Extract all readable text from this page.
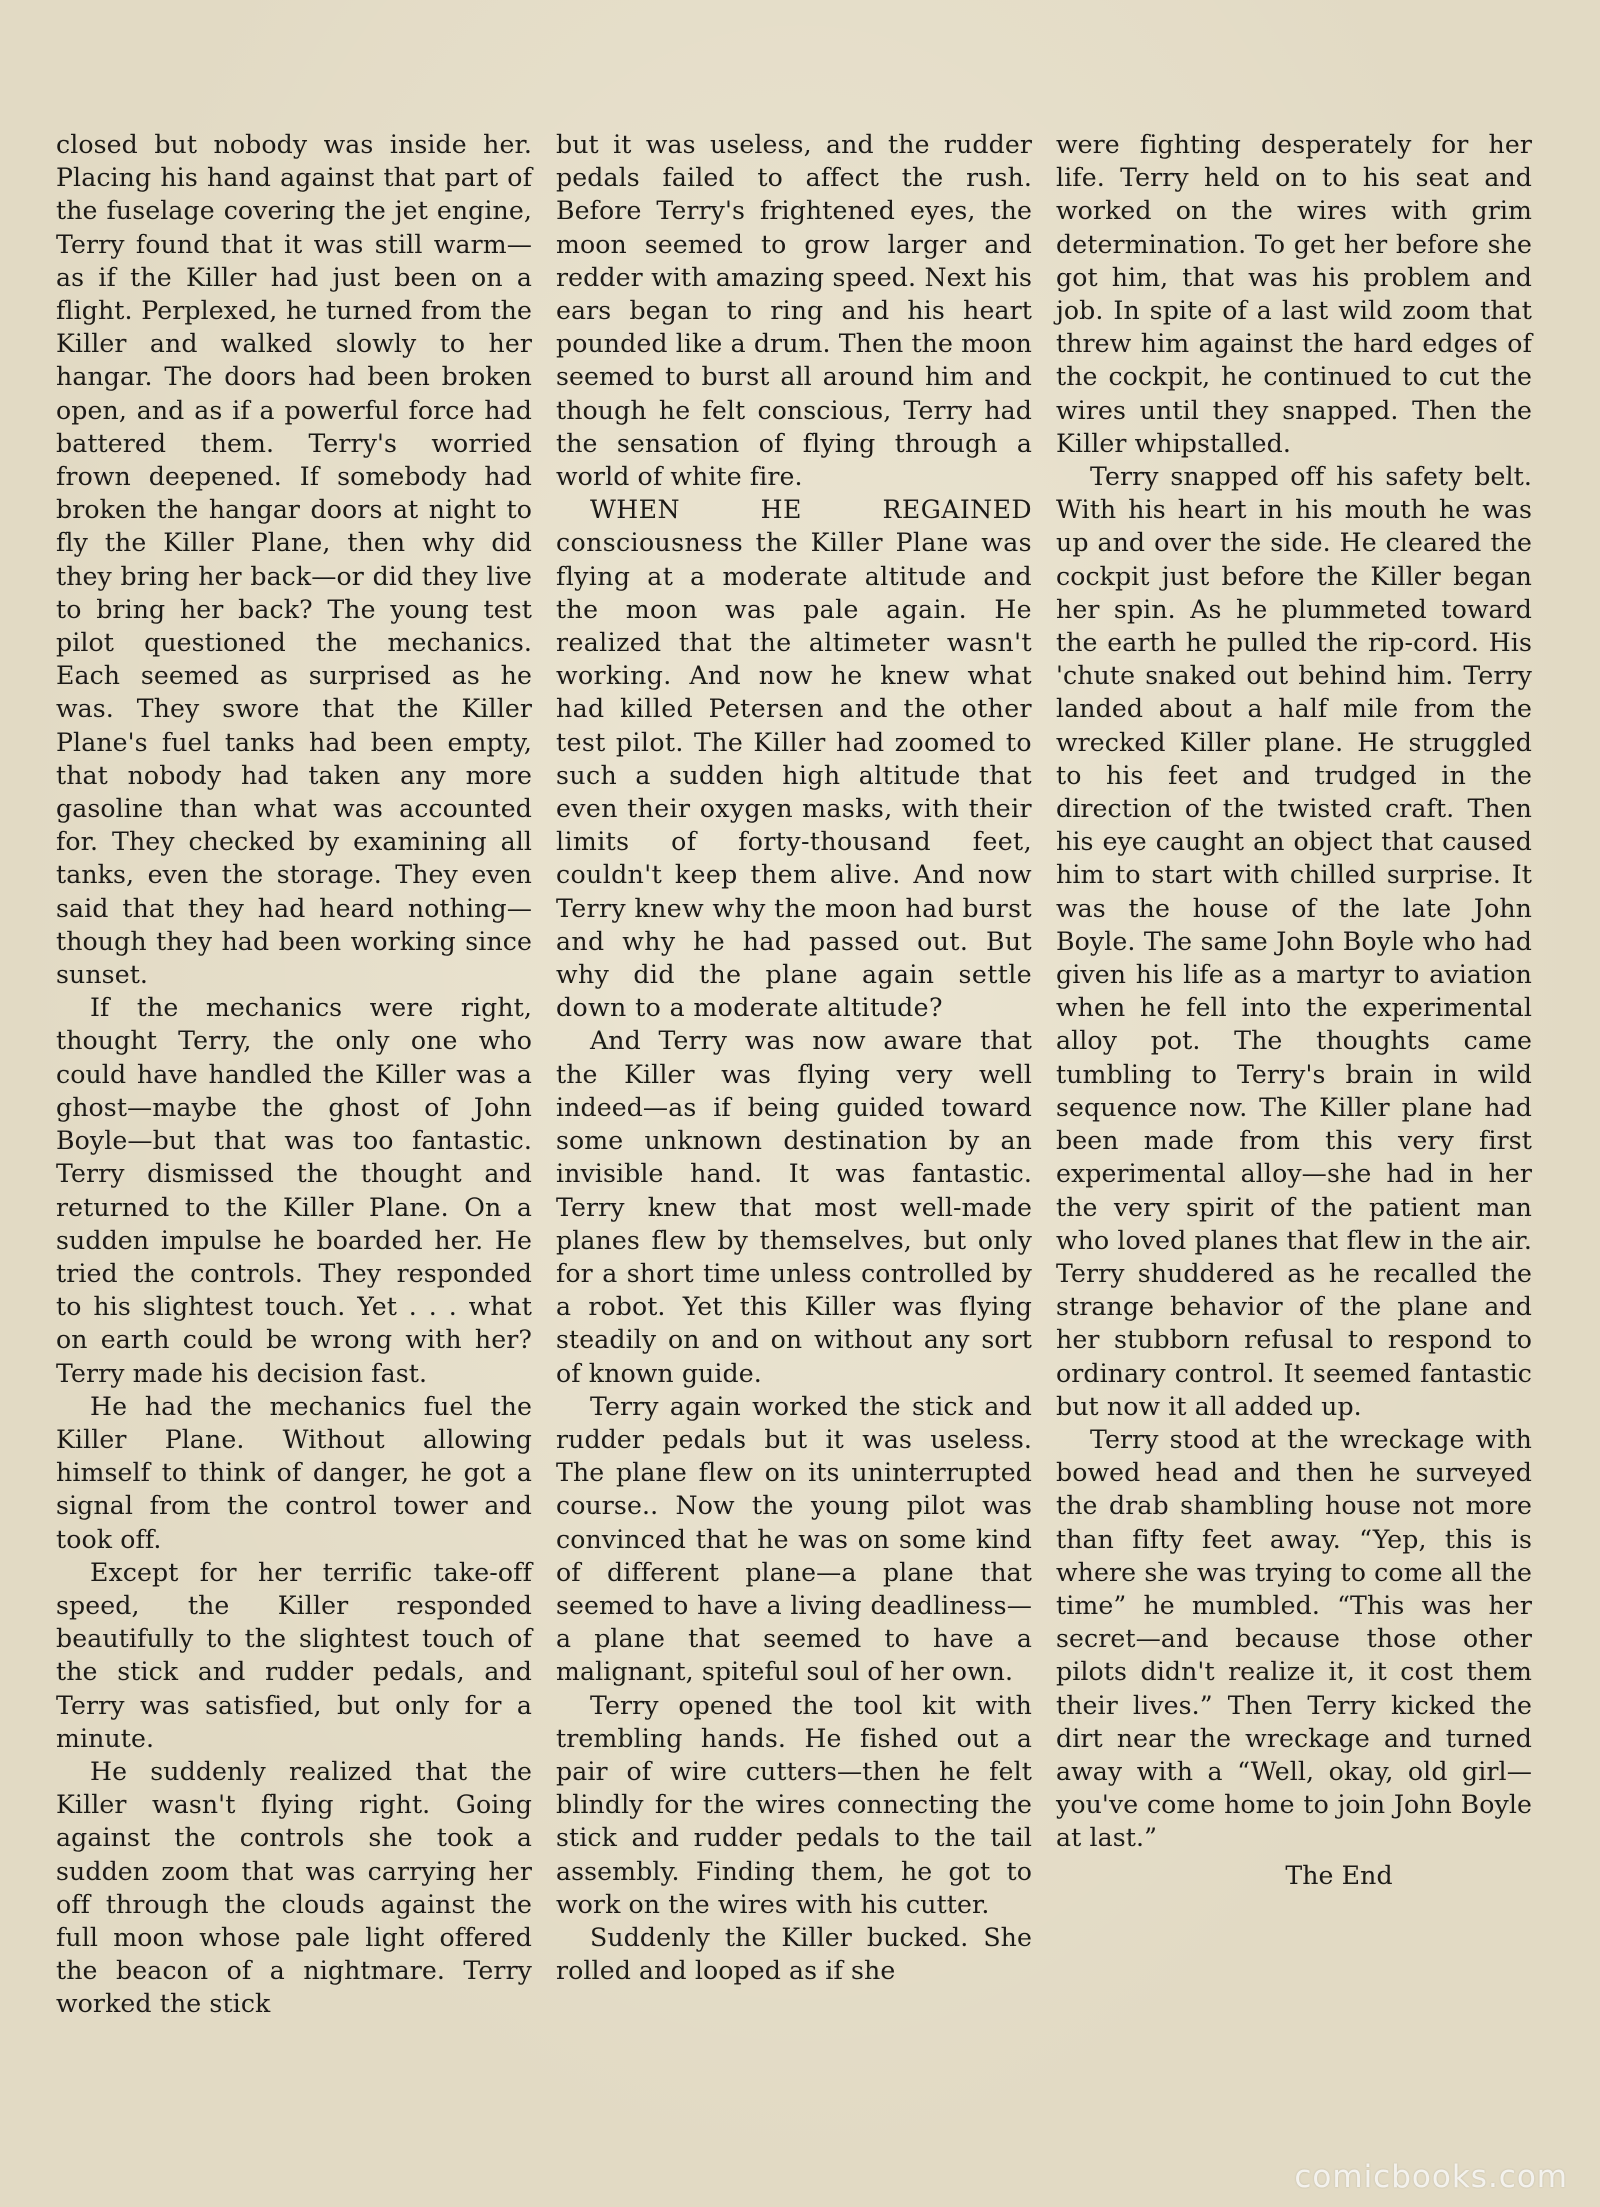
closed but nobody was inside her. Placing his hand against that part of the fuselage covering the jet engine, Terry found that it was still warm—as if the Killer had just been on a flight. Perplexed, he turned from the Killer and walked slowly to her hangar. The doors had been broken open, and as if a powerful force had battered them. Terry's worried frown deepened. If somebody had broken the hangar doors at night to fly the Killer Plane, then why did they bring her back—or did they live to bring her back? The young test pilot questioned the mechanics. Each seemed as surprised as he was. They swore that the Killer Plane's fuel tanks had been empty, that nobody had taken any more gasoline than what was accounted for. They checked by examining all tanks, even the storage. They even said that they had heard nothing—though they had been working since sunset.

If the mechanics were right, thought Terry, the only one who could have handled the Killer was a ghost—maybe the ghost of John Boyle—but that was too fantastic. Terry dismissed the thought and returned to the Killer Plane. On a sudden impulse he boarded her. He tried the controls. They responded to his slightest touch. Yet . . . what on earth could be wrong with her? Terry made his decision fast.

He had the mechanics fuel the Killer Plane. Without allowing himself to think of danger, he got a signal from the control tower and took off.

Except for her terrific take-off speed, the Killer responded beautifully to the slightest touch of the stick and rudder pedals, and Terry was satisfied, but only for a minute.

He suddenly realized that the Killer wasn't flying right. Going against the controls she took a sudden zoom that was carrying her off through the clouds against the full moon whose pale light offered the beacon of a nightmare. Terry worked the stick

but it was useless, and the rudder pedals failed to affect the rush. Before Terry's frightened eyes, the moon seemed to grow larger and redder with amazing speed. Next his ears began to ring and his heart pounded like a drum. Then the moon seemed to burst all around him and though he felt conscious, Terry had the sensation of flying through a world of white fire.

WHEN HE REGAINED consciousness the Killer Plane was flying at a moderate altitude and the moon was pale again. He realized that the altimeter wasn't working. And now he knew what had killed Petersen and the other test pilot. The Killer had zoomed to such a sudden high altitude that even their oxygen masks, with their limits of forty-thousand feet, couldn't keep them alive. And now Terry knew why the moon had burst and why he had passed out. But why did the plane again settle down to a moderate altitude?

And Terry was now aware that the Killer was flying very well indeed—as if being guided toward some unknown destination by an invisible hand. It was fantastic. Terry knew that most well-made planes flew by themselves, but only for a short time unless controlled by a robot. Yet this Killer was flying steadily on and on without any sort of known guide.

Terry again worked the stick and rudder pedals but it was useless. The plane flew on its uninterrupted course.. Now the young pilot was convinced that he was on some kind of different plane—a plane that seemed to have a living deadliness—a plane that seemed to have a malignant, spiteful soul of her own.

Terry opened the tool kit with trembling hands. He fished out a pair of wire cutters—then he felt blindly for the wires connecting the stick and rudder pedals to the tail assembly. Finding them, he got to work on the wires with his cutter.

Suddenly the Killer bucked. She rolled and looped as if she

were fighting desperately for her life. Terry held on to his seat and worked on the wires with grim determination. To get her before she got him, that was his problem and job. In spite of a last wild zoom that threw him against the hard edges of the cockpit, he continued to cut the wires until they snapped. Then the Killer whipstalled.

Terry snapped off his safety belt. With his heart in his mouth he was up and over the side. He cleared the cockpit just before the Killer began her spin. As he plummeted toward the earth he pulled the rip-cord. His 'chute snaked out behind him. Terry landed about a half mile from the wrecked Killer plane. He struggled to his feet and trudged in the direction of the twisted craft. Then his eye caught an object that caused him to start with chilled surprise. It was the house of the late John Boyle. The same John Boyle who had given his life as a martyr to aviation when he fell into the experimental alloy pot. The thoughts came tumbling to Terry's brain in wild sequence now. The Killer plane had been made from this very first experimental alloy—she had in her the very spirit of the patient man who loved planes that flew in the air. Terry shuddered as he recalled the strange behavior of the plane and her stubborn refusal to respond to ordinary control. It seemed fantastic but now it all added up.

Terry stood at the wreckage with bowed head and then he surveyed the drab shambling house not more than fifty feet away. “Yep, this is where she was trying to come all the time” he mumbled. “This was her secret—and because those other pilots didn't realize it, it cost them their lives.” Then Terry kicked the dirt near the wreckage and turned away with a “Well, okay, old girl—you've come home to join John Boyle at last.”

The End

comicbooks.com
